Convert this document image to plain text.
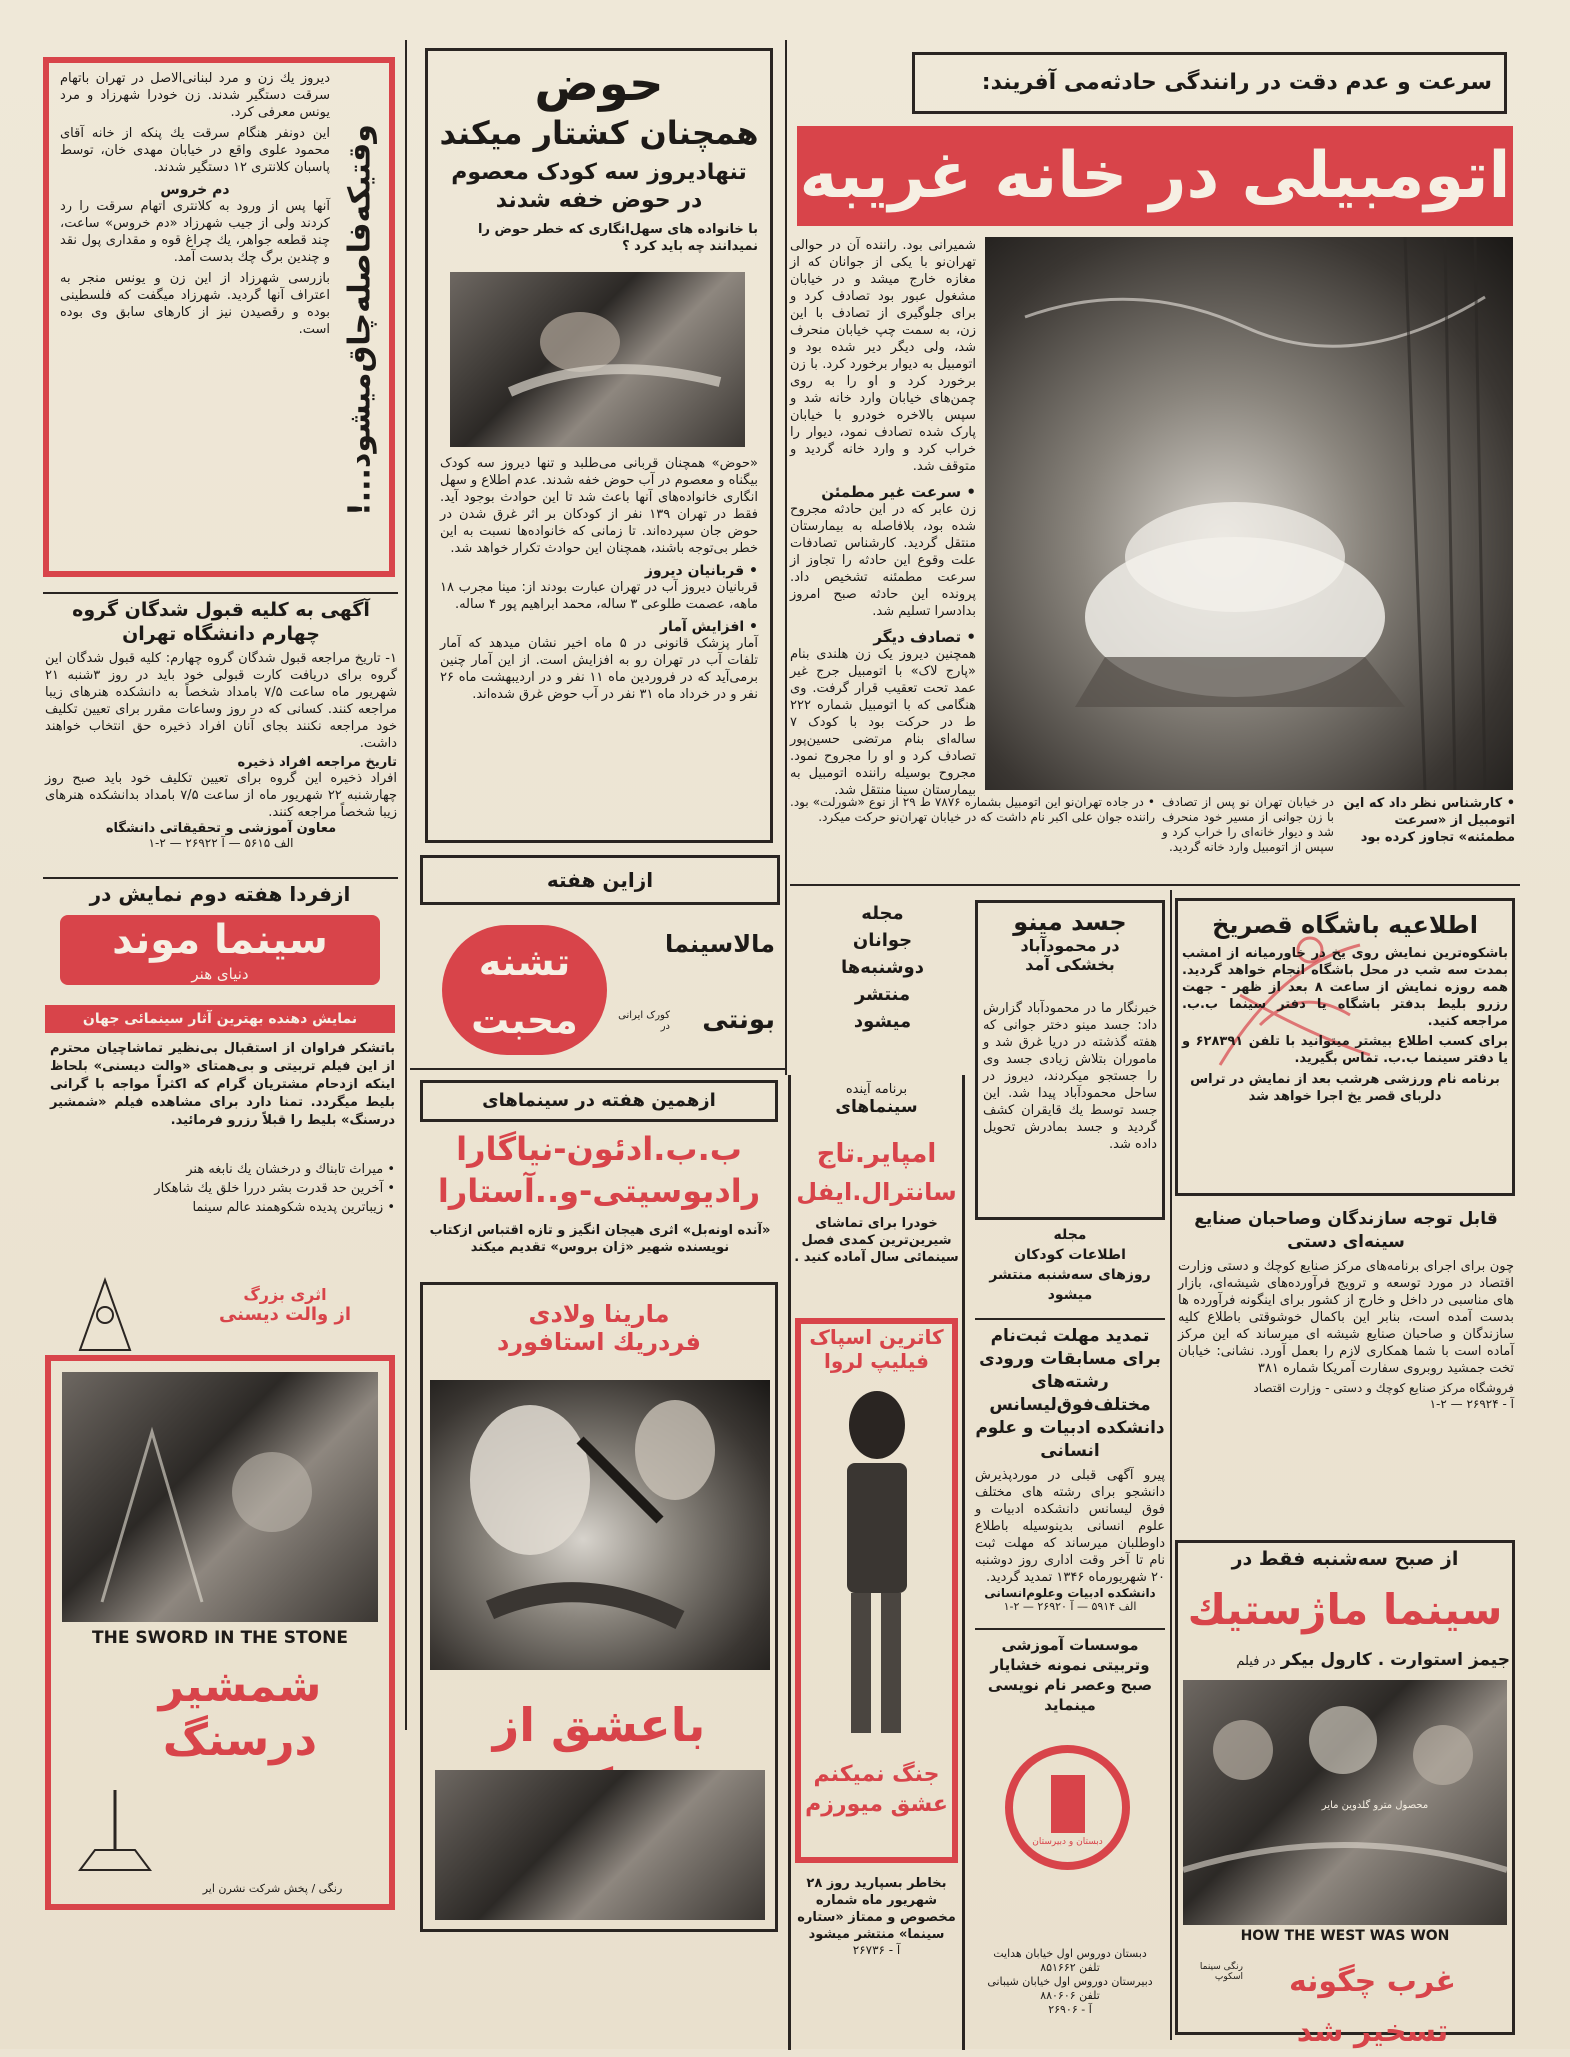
سرعت و عدم دقت در رانندگی حادثه‌می آفریند:
اتومبیلی در خانه غریبه
شمیرانی بود. راننده آن در حوالی تهران‌نو با یکی از جوانان که از مغازه خارج میشد و در خیابان مشغول عبور بود تصادف کرد و برای جلوگیری از تصادف با این زن، به سمت چپ خیابان منحرف شد، ولی دیگر دیر شده بود و اتومبیل به دیوار برخورد کرد. با زن برخورد کرد و او را به روی چمن‌های خیابان وارد خانه شد و سپس بالاخره خودرو با خیابان پارک شده تصادف نمود، دیوار را خراب کرد و وارد خانه گردید و متوقف شد.
• سرعت غیر مطمئن
زن عابر که در این حادثه مجروح شده بود، بلافاصله به بیمارستان منتقل گردید. کارشناس تصادفات علت وقوع این حادثه را تجاوز از سرعت مطمئنه تشخیص داد. پرونده این حادثه صبح امروز بدادسرا تسلیم شد.
• تصادف دیگر
همچنین دیروز یک زن هلندی بنام «پارج لاک» با اتومبیل جرج غیر عمد تحت تعقیب قرار گرفت. وی هنگامی که با اتومبیل شماره ۲۲۲ ‌ط در حرکت بود با کودک ۷ ساله‌ای بنام مرتضی حسین‌پور تصادف کرد و او را مجروح نمود. مجروح بوسیله راننده اتومبیل به بیمارستان سینا منتقل شد.
• کارشناس نظر داد که این اتومبیل از «سرعت مطمئنه» تجاوز کرده بود
در خیابان تهران نو پس از تصادف با زن جوانی از مسیر خود منحرف شد و دیوار خانه‌ای را خراب کرد و سپس از اتومبیل وارد خانه گردید.
• در جاده تهران‌نو این اتومبیل بشماره ۷۸۷۶ ط ۲۹ از نوع «شورلت» بود. راننده جوان علی اکبر نام داشت که در خیابان تهران‌نو حرکت میکرد.
حوض
همچنان کشتار میکند
تنهادیروز سه کودک معصوم
در حوض خفه شدند
با خانواده های سهل‌انگاری که خطر حوض را نمیدانند چه باید کرد ؟
«حوض» همچنان قربانی می‌طلبد و تنها دیروز سه کودک بیگناه و معصوم در آب حوض خفه شدند. عدم اطلاع و سهل انگاری خانواده‌های آنها باعث شد تا این حوادث بوجود آید. فقط در تهران ۱۳۹ نفر از کودکان بر اثر غرق شدن در حوض جان سپرده‌اند. تا زمانی که خانواده‌ها نسبت به این خطر بی‌توجه باشند، همچنان این حوادث تکرار خواهد شد.
• قربانیان دیروز
قربانیان دیروز آب در تهران عبارت بودند از: مینا مجرب ۱۸ ماهه، عصمت طلوعی ۳ ساله، محمد ابراهیم پور ۴ ساله.
• افزایش آمار
آمار پزشک قانونی در ۵ ماه اخیر نشان میدهد که آمار تلفات آب در تهران رو به افزایش است. از این آمار چنین برمی‌آید که در فروردین ماه ۱۱ نفر و در اردیبهشت ماه ۲۶ نفر و در خرداد ماه ۳۱ نفر در آب حوض غرق شده‌اند.
دیروز یك زن و مرد لبنانی‌الاصل در تهران باتهام سرقت دستگیر شدند. زن خودرا شهرزاد و مرد یونس معرفی کرد.
این دونفر هنگام سرقت یك پنکه از خانه آقای محمود علوی واقع در خیابان مهدی خان، توسط پاسبان کلانتری ۱۲ دستگیر شدند.
دم خروس
آنها پس از ورود به کلانتری اتهام سرقت را رد کردند ولی از جیب شهرزاد «دم خروس» ساعت، چند قطعه جواهر، یك چراغ قوه و مقداری پول نقد و چندین برگ چك بدست آمد.
بازرسی شهرزاد از این زن و یونس منجر به اعتراف آنها گردید. شهرزاد میگفت که فلسطینی بوده و رقصیدن نیز از کارهای سابق وی بوده است. وقتیکه‌فاصله‌چاق‌میشود...!
آگهی به کلیه قبول شدگان گروه
چهارم دانشگاه تهران
۱- تاریخ مراجعه قبول شدگان گروه چهارم: کلیه قبول شدگان این گروه برای دریافت کارت قبولی خود باید در روز ۳شنبه ۲۱ شهریور ماه ساعت ۷/۵ بامداد شخصاً به دانشکده هنرهای زیبا مراجعه کنند. کسانی که در روز وساعات مقرر برای تعیین تکلیف خود مراجعه نکنند بجای آنان افراد ذخیره حق انتخاب خواهند داشت.
تاریخ مراجعه افراد ذخیره
افراد ذخیره این گروه برای تعیین تکلیف خود باید صبح روز چهارشنبه ۲۲ شهریور ماه از ساعت ۷/۵ بامداد بدانشکده هنرهای زیبا شخصاً مراجعه کنند.
معاون آموزشی و تحقیقاتی دانشگاه
الف ۵۶۱۵ — آ ۲۶۹۲۲ — ۲-۱
ازفردا هفته دوم نمایش در
سینما موند
دنیای هنر
نمایش دهنده بهترین آثار سینمائی جهان
باتشکر فراوان از استقبال بی‌نظیر تماشاچیان محترم از این فیلم تربیتی و بی‌همتای «والت دیسنی» بلحاظ اینکه ازدحام مشتریان گرام که اکثراً مواجه با گرانی بلیط میگردد. تمنا دارد برای مشاهده فیلم «شمشیر درسنگ» بلیط را قبلاً رزرو فرمائید.
• میراث تابناك و درخشان يك نابغه هنر
• آخرین حد قدرت بشر دررا خلق يك شاهکار
• زیباترین پدیده شکوهمند عالم سینما
اثری بزرگ
از والت دیسنی
THE SWORD IN THE STONE
شمشیر
درسنگ
رنگی / پخش شرکت نشرن ایر
ازاين هفته
مالاسینما
تشنه
محبت	بونتی
کورک ایرانی در
مجله
جوانان
دوشنبه‌ها
منتشر
میشود
ازهمین هفته در سینماهای
ب.ب.ادئون-نیاگارا
رادیوسیتی-و..آستارا
«آنده اونه‌بل» اثری هیجان انگیز و تازه اقتباس ازکتاب نویسنده شهیر «ژان بروس» تقدیم میکند
مارینا ولادی
فردریك استافورد
باعشق از
برنامه آینده
سینماهای
امپایر.تاج
سانترال.ایفل
خودرا برای تماشای شیرین‌ترین کمدی فصل سینمائی سال آماده کنید .
کاترین اسپاک
فیلیپ لروا
جنگ نمیکنم
عشق میورزم
بخاطر بسپارید روز ۲۸ شهریور ماه شماره مخصوص و ممتاز «ستاره سینما» منتشر میشود
آ - ۲۶۷۳۶
جسد مینو
در محمودآباد
بخشکی آمد
خبرنگار ما در محمودآباد گزارش داد: جسد مینو دختر جوانی که هفته گذشته در دریا غرق شد و ماموران بتلاش زیادی جسد وی را جستجو میکردند، دیروز در ساحل محمودآباد پیدا شد. این جسد توسط یك قایقران کشف گردید و جسد بمادرش تحویل داده شد.
مجله
اطلاعات کودکان
روزهای سه‌شنبه منتشر
میشود
تمدید مهلت ثبت‌نام برای مسابقات ورودی رشته‌های مختلف‌فوق‌لیسانس دانشکده ادبیات و علوم انسانی
پیرو آگهی قبلی در موردپذیرش دانشجو برای رشته های مختلف فوق لیسانس دانشکده ادبیات و علوم انسانی بدینوسیله باطلاع داوطلبان میرساند که مهلت ثبت نام تا آخر وقت اداری روز دوشنبه ۲۰ شهریورماه ۱۳۴۶ تمدید گردید.
دانشکده ادبیات وعلوم‌انسانی
الف ۵۹۱۴ — آ ۲۶۹۲۰ — ۲-۱
موسسات آموزشی وتربیتی نمونه خشایار صبح وعصر نام نویسی مینماید
دبستان و دبیرستان
دبستان دوروس اول خیابان هدایت
تلفن ۸۵۱۶۶۲
دبیرستان دوروس اول خیابان شیبانی
تلفن ۸۸۰۶۰۶
آ - ۲۶۹۰۶
اطلاعیه باشگاه قصریخ
باشکوه‌ترین نمایش روی یخ در خاورمیانه از امشب بمدت سه شب در محل باشگاه انجام خواهد گردید. همه روزه نمایش از ساعت ۸ بعد از ظهر - جهت رزرو بلیط بدفتر باشگاه یا دفتر سینما ب.ب. مراجعه کنید.
برای کسب اطلاع بیشتر میتوانید با تلفن ۶۲۸۳۹۱ و یا دفتر سینما ب.ب. تماس بگیرید.
برنامه نام ورزشی هرشب بعد از نمایش در تراس دلربای قصر یخ اجرا خواهد شد
قابل توجه سازندگان وصاحبان صنایع سینه‌ای دستی
چون برای اجرای برنامه‌های مرکز صنایع کوچك و دستی وزارت اقتصاد در مورد توسعه و ترویج فرآورده‌های شیشه‌ای، بازار های مناسبی در داخل و خارج از کشور برای اینگونه فرآورده ها بدست آمده است، بنابر این باکمال خوشوقتی باطلاع کلیه سازندگان و صاحبان صنایع شیشه ای میرساند که این مرکز آماده است با شما همکاری لازم را بعمل آورد. نشانی: خیابان تخت جمشید روبروی سفارت آمریکا شماره ۳۸۱
فروشگاه مرکز صنایع کوچك و دستی - وزارت اقتصاد
آ - ۲۶۹۲۴ — ۲-۱
از صبح سه‌شنبه فقط در
سینما ماژستیك
جیمز استوارت . کارول بیکر در فیلم
محصول مترو گلدوین مایر
HOW THE WEST WAS WON
رنگی سینما اسکوپ	غرب چگونه تسخیر شد
